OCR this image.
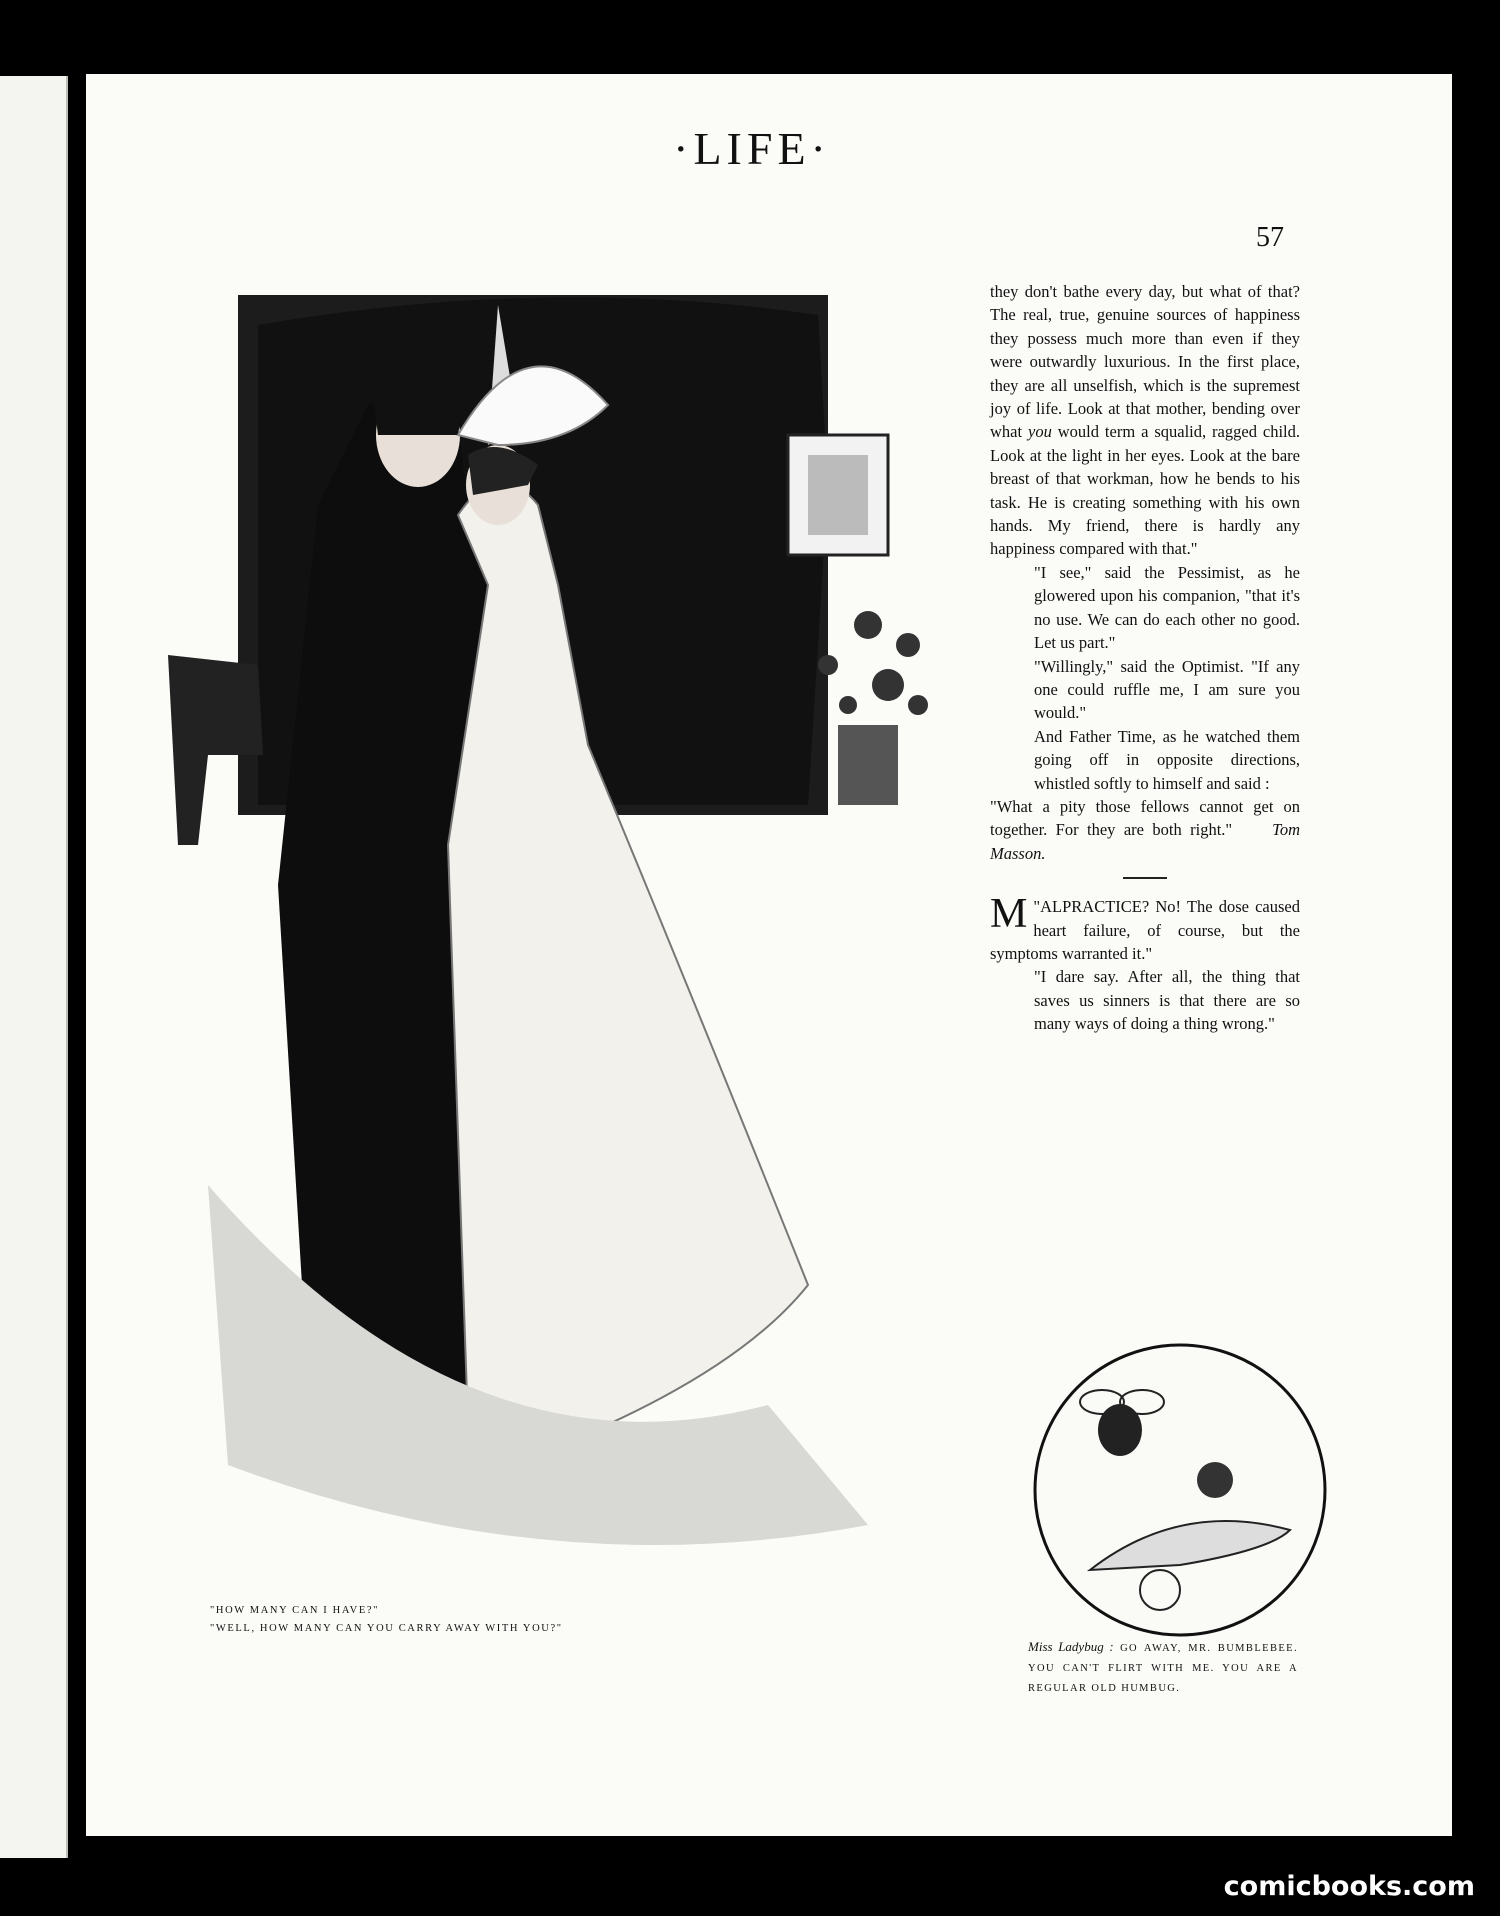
·LIFE·
57
"HOW MANY CAN I HAVE?"
"WELL, HOW MANY CAN YOU CARRY AWAY WITH YOU?"

they don't bathe every day, but what of that? The real, true, genuine sources of happiness they possess much more than even if they were outwardly luxurious. In the first place, they are all unselfish, which is the supremest joy of life. Look at that mother, bending over what you would term a squalid, ragged child. Look at the light in her eyes. Look at the bare breast of that workman, how he bends to his task. He is creating something with his own hands. My friend, there is hardly any happiness compared with that."

"I see," said the Pessimist, as he glowered upon his companion, "that it's no use. We can do each other no good. Let us part."

"Willingly," said the Optimist. "If any one could ruffle me, I am sure you would."

And Father Time, as he watched them going off in opposite directions, whistled softly to himself and said :

"What a pity those fellows cannot get on together. For they are both right." Tom Masson.

"
M ALPRACTICE? No! The dose caused heart failure, of course, but the symptoms warranted it."

"I dare say. After all, the thing that saves us sinners is that there are so many ways of doing a thing wrong."

Miss Ladybug : GO AWAY, MR. BUMBLEBEE. YOU CAN'T FLIRT WITH ME. YOU ARE A REGULAR OLD HUMBUG.
comicbooks.com
